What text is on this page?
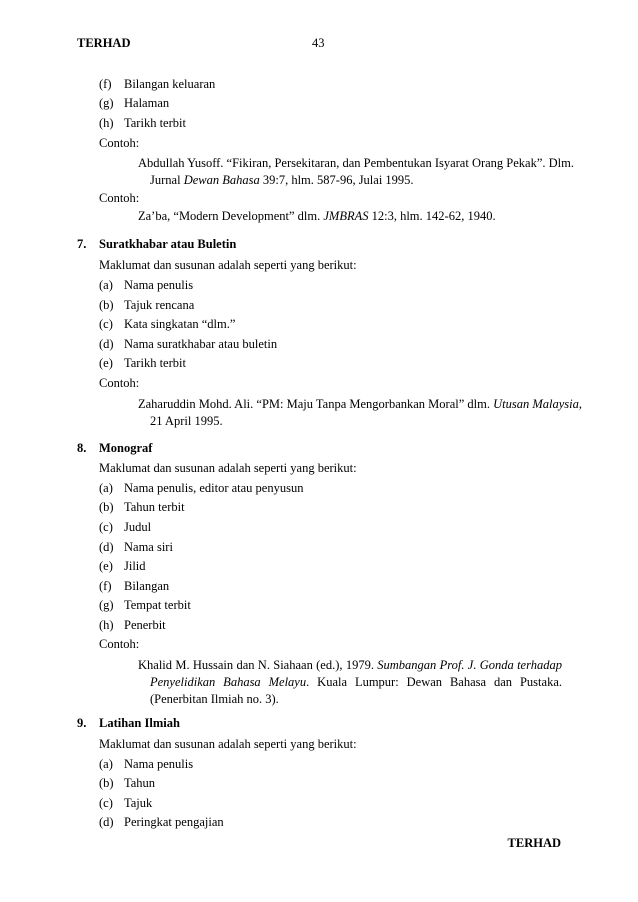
TERHAD	43
(f) Bilangan keluaran
(g) Halaman
(h) Tarikh terbit
Contoh:
Abdullah Yusoff. “Fikiran, Persekitaran, dan Pembentukan Isyarat Orang Pekak”. Dlm.
Jurnal Dewan Bahasa 39:7, hlm. 587-96, Julai 1995.
Contoh:
Za’ba, “Modern Development” dlm. JMBRAS 12:3, hlm. 142-62, 1940.
7. Suratkhabar atau Buletin
Maklumat dan susunan adalah seperti yang berikut:
(a) Nama penulis
(b) Tajuk rencana
(c) Kata singkatan “dlm.”
(d) Nama suratkhabar atau buletin
(e) Tarikh terbit
Contoh:
Zaharuddin Mohd. Ali. “PM: Maju Tanpa Mengorbankan Moral” dlm. Utusan Malaysia,
21 April 1995.
8. Monograf
Maklumat dan susunan adalah seperti yang berikut:
(a) Nama penulis, editor atau penyusun
(b) Tahun terbit
(c) Judul
(d) Nama siri
(e) Jilid
(f) Bilangan
(g) Tempat terbit
(h) Penerbit
Contoh:
Khalid M. Hussain dan N. Siahaan (ed.), 1979. Sumbangan Prof. J. Gonda terhadap
Penyelidikan Bahasa Melayu. Kuala Lumpur: Dewan Bahasa dan Pustaka.
(Penerbitan Ilmiah no. 3).
9. Latihan Ilmiah
Maklumat dan susunan adalah seperti yang berikut:
(a) Nama penulis
(b) Tahun
(c) Tajuk
(d) Peringkat pengajian
TERHAD
